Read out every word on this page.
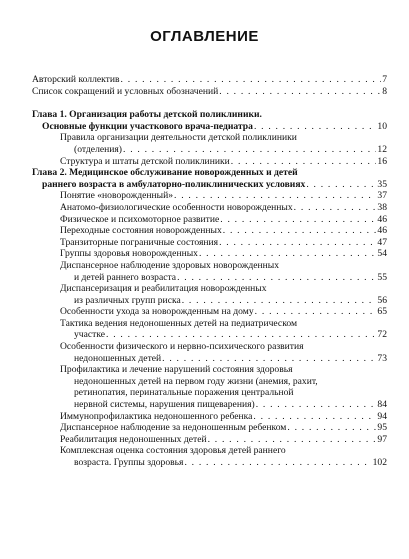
ОГЛАВЛЕНИЕ
Авторский коллектив . . .	7
Список сокращений и условных обозначений . . .	8
Глава 1. Организация работы детской поликлиники.
Основные функции участкового врача-педиатра . . .	10
Правила организации деятельности детской поликлиники
(отделения) . . .	12
Структура и штаты детской поликлиники . . .	16
Глава 2. Медицинское обслуживание новорожденных и детей
раннего возраста в амбулаторно-поликлинических условиях . . .	35
Понятие «новорожденный» . . .	37
Анатомо-физиологические особенности новорожденных . . .	38
Физическое и психомоторное развитие . . .	46
Переходные состояния новорожденных . . .	46
Транзиторные пограничные состояния . . .	47
Группы здоровья новорожденных . . .	54
Диспансерное наблюдение здоровых новорожденных
и детей раннего возраста . . .	55
Диспансеризация и реабилитация новорожденных
из различных групп риска . . .	56
Особенности ухода за новорожденным на дому . . .	65
Тактика ведения недоношенных детей на педиатрическом
участке . . .	72
Особенности физического и нервно-психического развития
недоношенных детей . . .	73
Профилактика и лечение нарушений состояния здоровья
недоношенных детей на первом году жизни (анемия, рахит,
ретинопатия, перинатальные поражения центральной
нервной системы, нарушения пищеварения) . . .	84
Иммунопрофилактика недоношенного ребенка . . .	94
Диспансерное наблюдение за недоношенным ребенком . . .	95
Реабилитация недоношенных детей . . .	97
Комплексная оценка состояния здоровья детей раннего
возраста. Группы здоровья . . .	102
